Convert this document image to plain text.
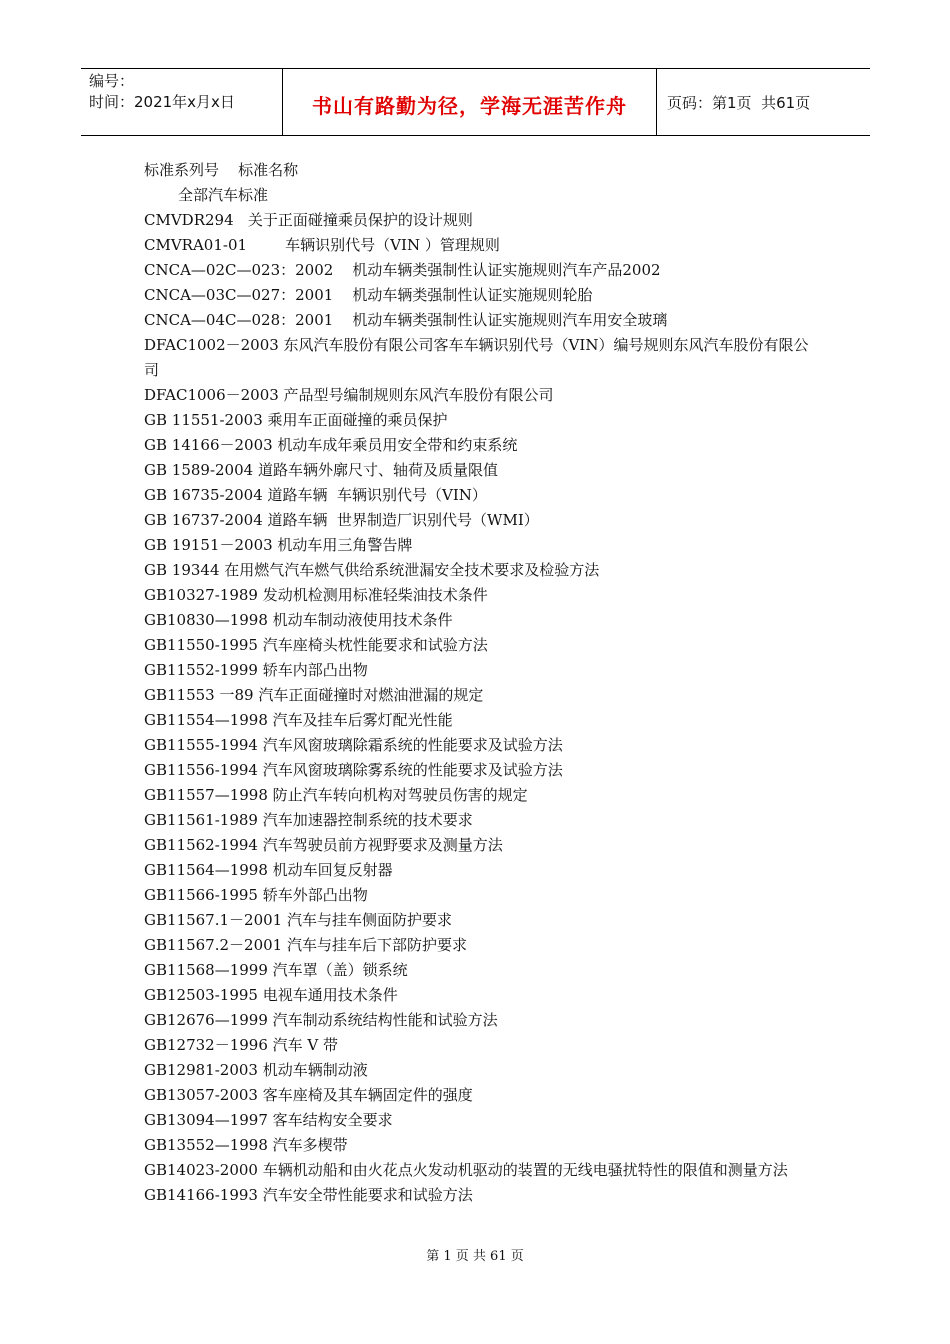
编号：
时间：2021年x月x日	书山有路勤为径，学海无涯苦作舟	页码：第1页  共61页
标准系列号    标准名称
全部汽车标准
CMVDR294   关于正面碰撞乘员保护的设计规则
CMVRA01-01        车辆识别代号（VIN ）管理规则
CNCA—02C—023：2002    机动车辆类强制性认证实施规则汽车产品2002
CNCA—03C—027：2001    机动车辆类强制性认证实施规则轮胎
CNCA—04C—028：2001    机动车辆类强制性认证实施规则汽车用安全玻璃
DFAC1002－2003 东风汽车股份有限公司客车车辆识别代号（VIN）编号规则东风汽车股份有限公司
DFAC1006－2003 产品型号编制规则东风汽车股份有限公司
GB 11551-2003 乘用车正面碰撞的乘员保护
GB 14166－2003 机动车成年乘员用安全带和约束系统
GB 1589-2004 道路车辆外廓尺寸、轴荷及质量限值
GB 16735-2004 道路车辆  车辆识别代号（VIN）
GB 16737-2004 道路车辆  世界制造厂识别代号（WMI）
GB 19151－2003 机动车用三角警告牌
GB 19344 在用燃气汽车燃气供给系统泄漏安全技术要求及检验方法
GB10327-1989 发动机检测用标准轻柴油技术条件
GB10830—1998 机动车制动液使用技术条件
GB11550-1995 汽车座椅头枕性能要求和试验方法
GB11552-1999 轿车内部凸出物
GB11553 一89 汽车正面碰撞时对燃油泄漏的规定
GB11554—1998 汽车及挂车后雾灯配光性能
GB11555-1994 汽车风窗玻璃除霜系统的性能要求及试验方法
GB11556-1994 汽车风窗玻璃除雾系统的性能要求及试验方法
GB11557—1998 防止汽车转向机构对驾驶员伤害的规定
GB11561-1989 汽车加速器控制系统的技术要求
GB11562-1994 汽车驾驶员前方视野要求及测量方法
GB11564—1998 机动车回复反射器
GB11566-1995 轿车外部凸出物
GB11567.1－2001 汽车与挂车侧面防护要求
GB11567.2－2001 汽车与挂车后下部防护要求
GB11568—1999 汽车罩（盖）锁系统
GB12503-1995 电视车通用技术条件
GB12676—1999 汽车制动系统结构性能和试验方法
GB12732－1996 汽车 V 带
GB12981-2003 机动车辆制动液
GB13057-2003 客车座椅及其车辆固定件的强度
GB13094—1997 客车结构安全要求
GB13552—1998 汽车多楔带
GB14023-2000 车辆机动船和由火花点火发动机驱动的装置的无线电骚扰特性的限值和测量方法
GB14166-1993 汽车安全带性能要求和试验方法
第 1 页 共 61 页
